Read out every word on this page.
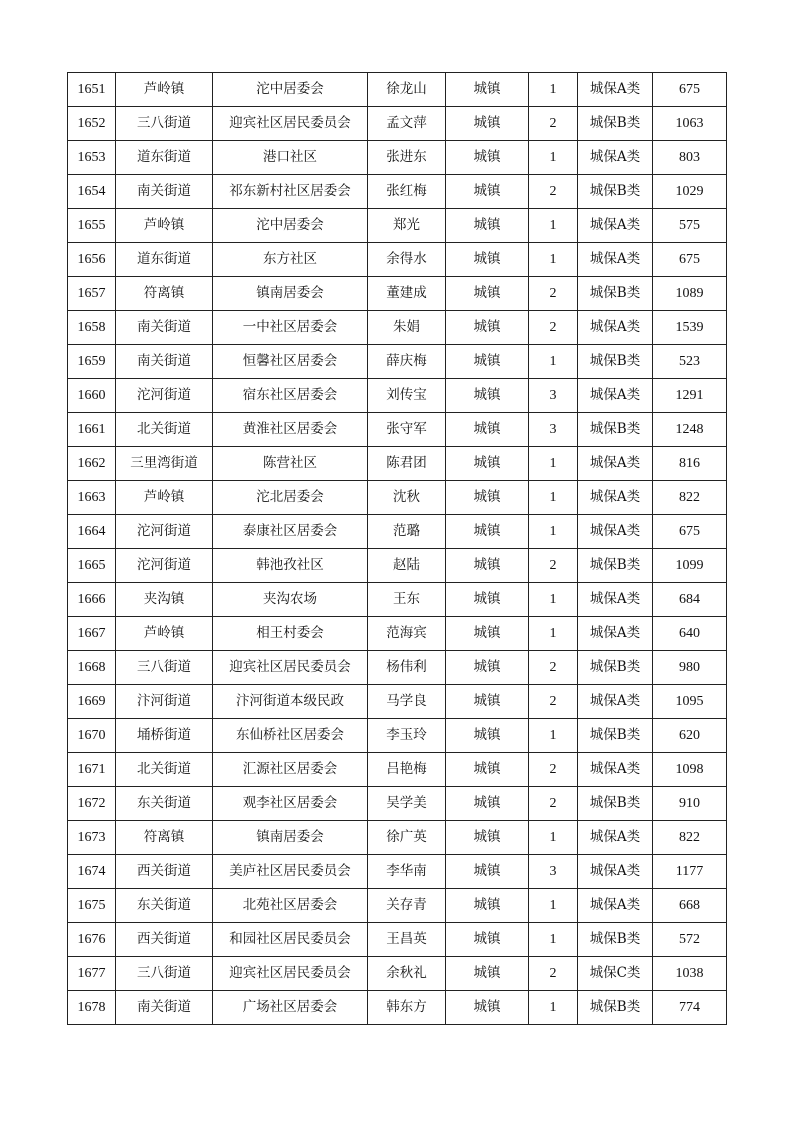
1651	芦岭镇	沱中居委会	徐龙山	城镇	1	城保A类	675
1652	三八街道	迎宾社区居民委员会	孟文萍	城镇	2	城保B类	1063
1653	道东街道	港口社区	张进东	城镇	1	城保A类	803
1654	南关街道	祁东新村社区居委会	张红梅	城镇	2	城保B类	1029
1655	芦岭镇	沱中居委会	郑光	城镇	1	城保A类	575
1656	道东街道	东方社区	余得水	城镇	1	城保A类	675
1657	符离镇	镇南居委会	董建成	城镇	2	城保B类	1089
1658	南关街道	一中社区居委会	朱娟	城镇	2	城保A类	1539
1659	南关街道	恒馨社区居委会	薛庆梅	城镇	1	城保B类	523
1660	沱河街道	宿东社区居委会	刘传宝	城镇	3	城保A类	1291
1661	北关街道	黄淮社区居委会	张守军	城镇	3	城保B类	1248
1662	三里湾街道	陈营社区	陈君团	城镇	1	城保A类	816
1663	芦岭镇	沱北居委会	沈秋	城镇	1	城保A类	822
1664	沱河街道	泰康社区居委会	范璐	城镇	1	城保A类	675
1665	沱河街道	韩池孜社区	赵陆	城镇	2	城保B类	1099
1666	夹沟镇	夹沟农场	王东	城镇	1	城保A类	684
1667	芦岭镇	相王村委会	范海宾	城镇	1	城保A类	640
1668	三八街道	迎宾社区居民委员会	杨伟利	城镇	2	城保B类	980
1669	汴河街道	汴河街道本级民政	马学良	城镇	2	城保A类	1095
1670	埇桥街道	东仙桥社区居委会	李玉玲	城镇	1	城保B类	620
1671	北关街道	汇源社区居委会	吕艳梅	城镇	2	城保A类	1098
1672	东关街道	观李社区居委会	吴学美	城镇	2	城保B类	910
1673	符离镇	镇南居委会	徐广英	城镇	1	城保A类	822
1674	西关街道	美庐社区居民委员会	李华南	城镇	3	城保A类	1177
1675	东关街道	北苑社区居委会	关存青	城镇	1	城保A类	668
1676	西关街道	和园社区居民委员会	王昌英	城镇	1	城保B类	572
1677	三八街道	迎宾社区居民委员会	余秋礼	城镇	2	城保C类	1038
1678	南关街道	广场社区居委会	韩东方	城镇	1	城保B类	774
